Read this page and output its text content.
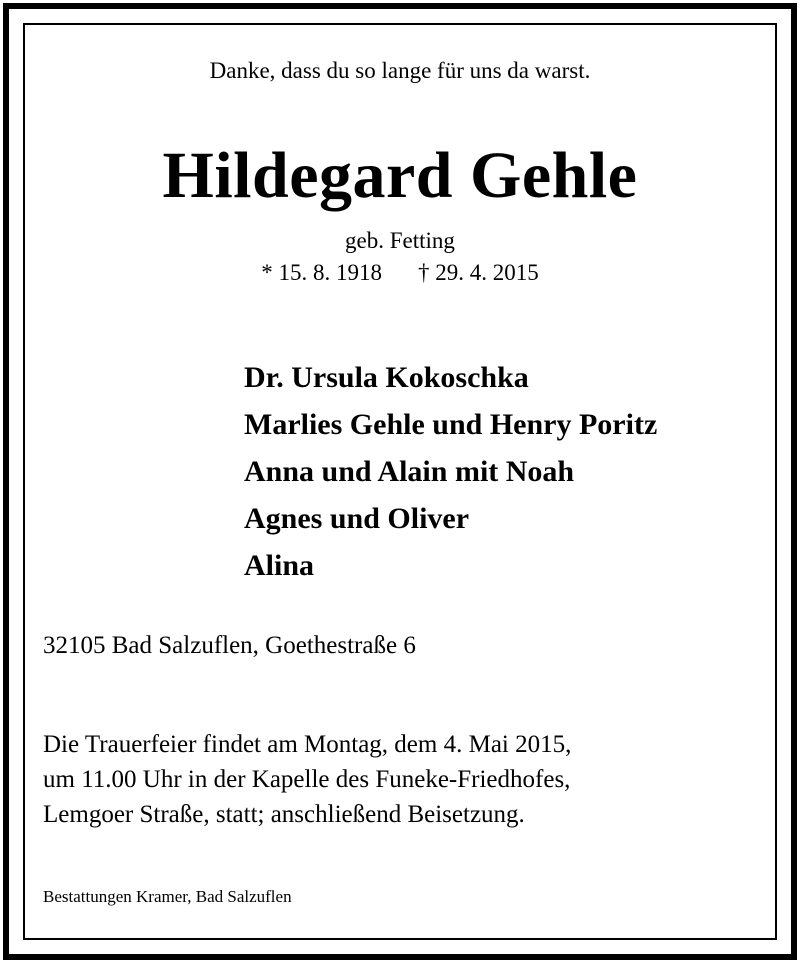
Danke, dass du so lange für uns da warst.
Hildegard Gehle
geb. Fetting
* 15. 8. 1918 † 29. 4. 2015
Dr. Ursula Kokoschka
Marlies Gehle und Henry Poritz
Anna und Alain mit Noah
Agnes und Oliver
Alina
32105 Bad Salzuflen, Goethestraße 6
Die Trauerfeier findet am Montag, dem 4. Mai 2015,
um 11.00 Uhr in der Kapelle des Funeke-Friedhofes,
Lemgoer Straße, statt; anschließend Beisetzung.
Bestattungen Kramer, Bad Salzuflen
